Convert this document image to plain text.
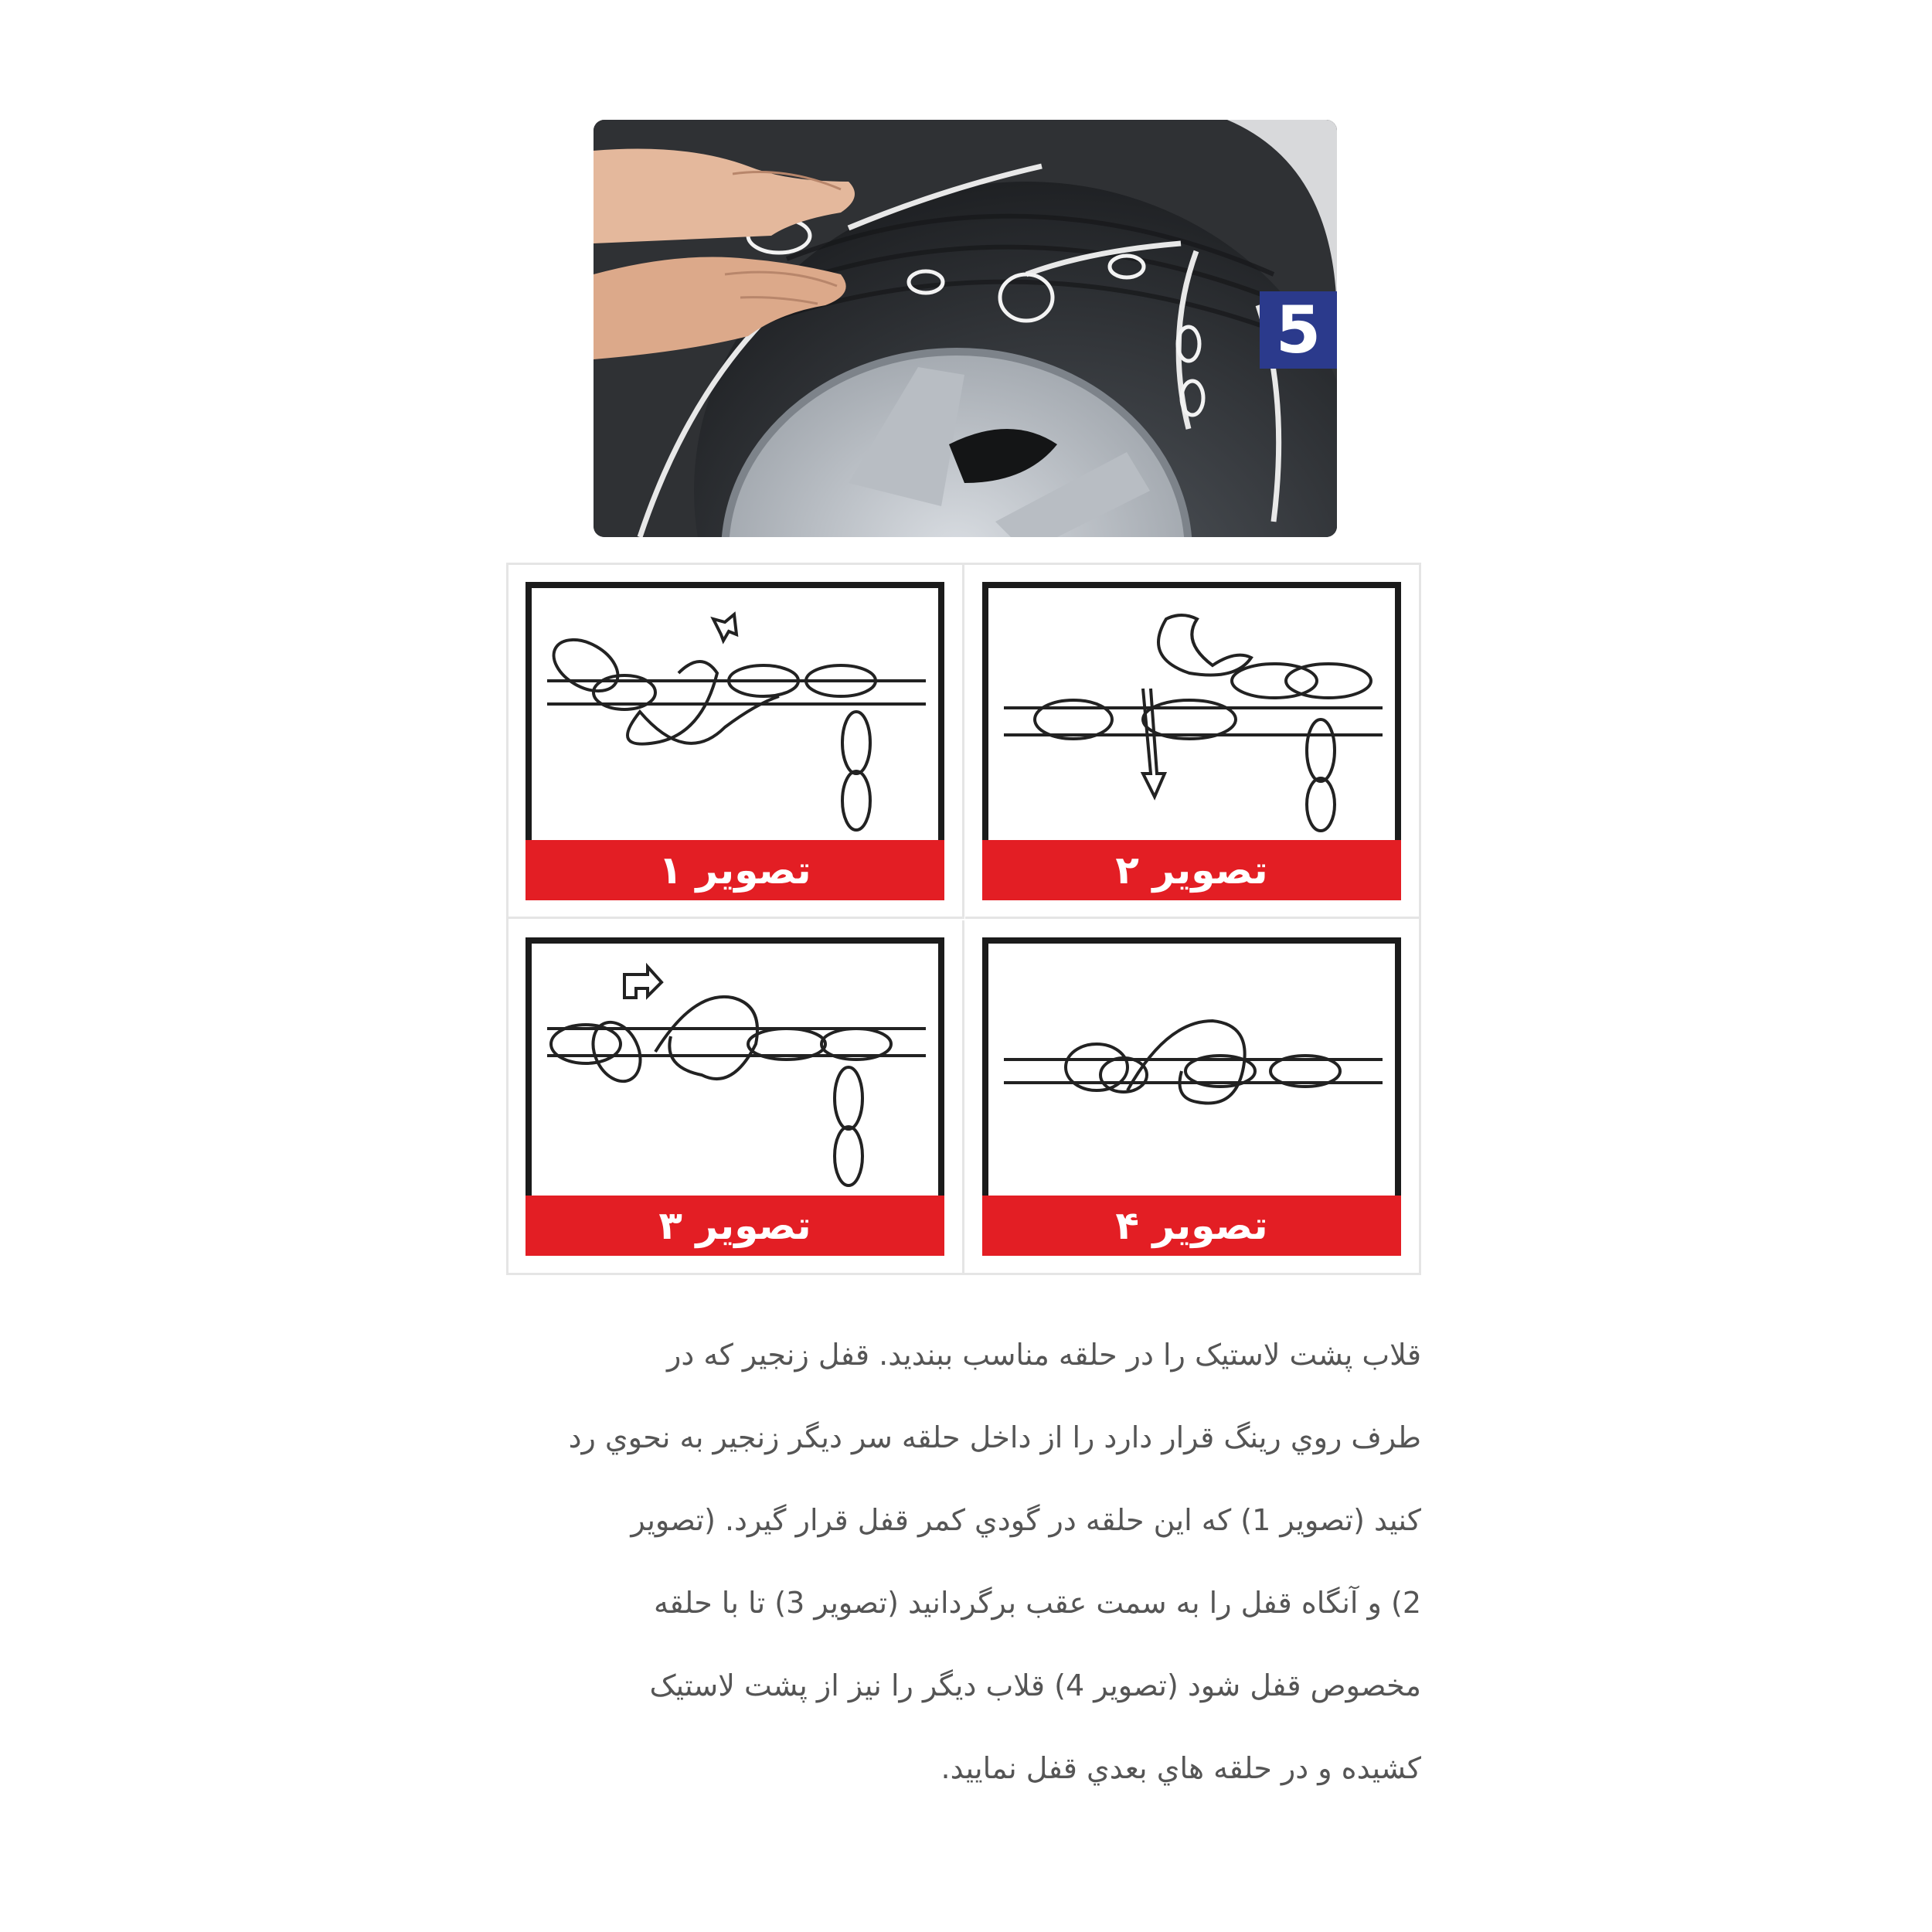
5
تصویر ۱	تصویر ۲
تصویر ۳	تصویر ۴
قلاب پشت لاستيک را در حلقه مناسب ببنديد. قفل زنجير که در
طرف روي رينگ قرار دارد را از داخل حلقه سر ديگر زنجير به نحوي رد
کنيد (تصوير 1) که اين حلقه در گودي کمر قفل قرار گيرد. (تصوير
2) و آنگاه قفل را به سمت عقب برگردانيد (تصوير 3) تا با حلقه
مخصوص قفل شود (تصوير 4) قلاب ديگر را نيز از پشت لاستيک
کشيده و در حلقه هاي بعدي قفل نماييد.
